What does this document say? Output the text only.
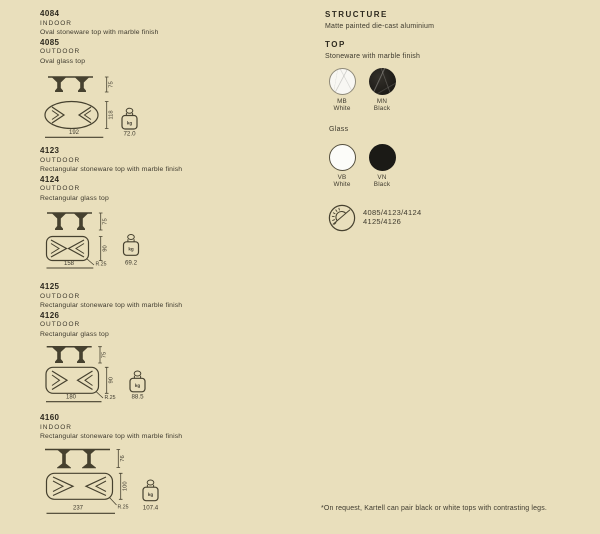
4084
INDOOR
Oval stoneware top with marble finish
4085
OUTDOOR
Oval glass top
75
118
192
kg
72.0
4123
OUTDOOR
Rectangular stoneware top with marble finish
4124
OUTDOOR
Rectangular glass top
75
90
R.25
158
kg
69.2
4125
OUTDOOR
Rectangular stoneware top with marble finish
4126
OUTDOOR
Rectangular glass top
75
90
R.25
180
kg
88.5
4160
INDOOR
Rectangular stoneware top with marble finish
76
100
R.25
237
kg
107.4
STRUCTURE
Matte painted die-cast aluminium
TOP
Stoneware with marble finish
MB
White
MN
Black
Glass
VB
White
VN
Black
4085/4123/4124
4125/4126
*On request, Kartell can pair black or white tops with contrasting legs.
